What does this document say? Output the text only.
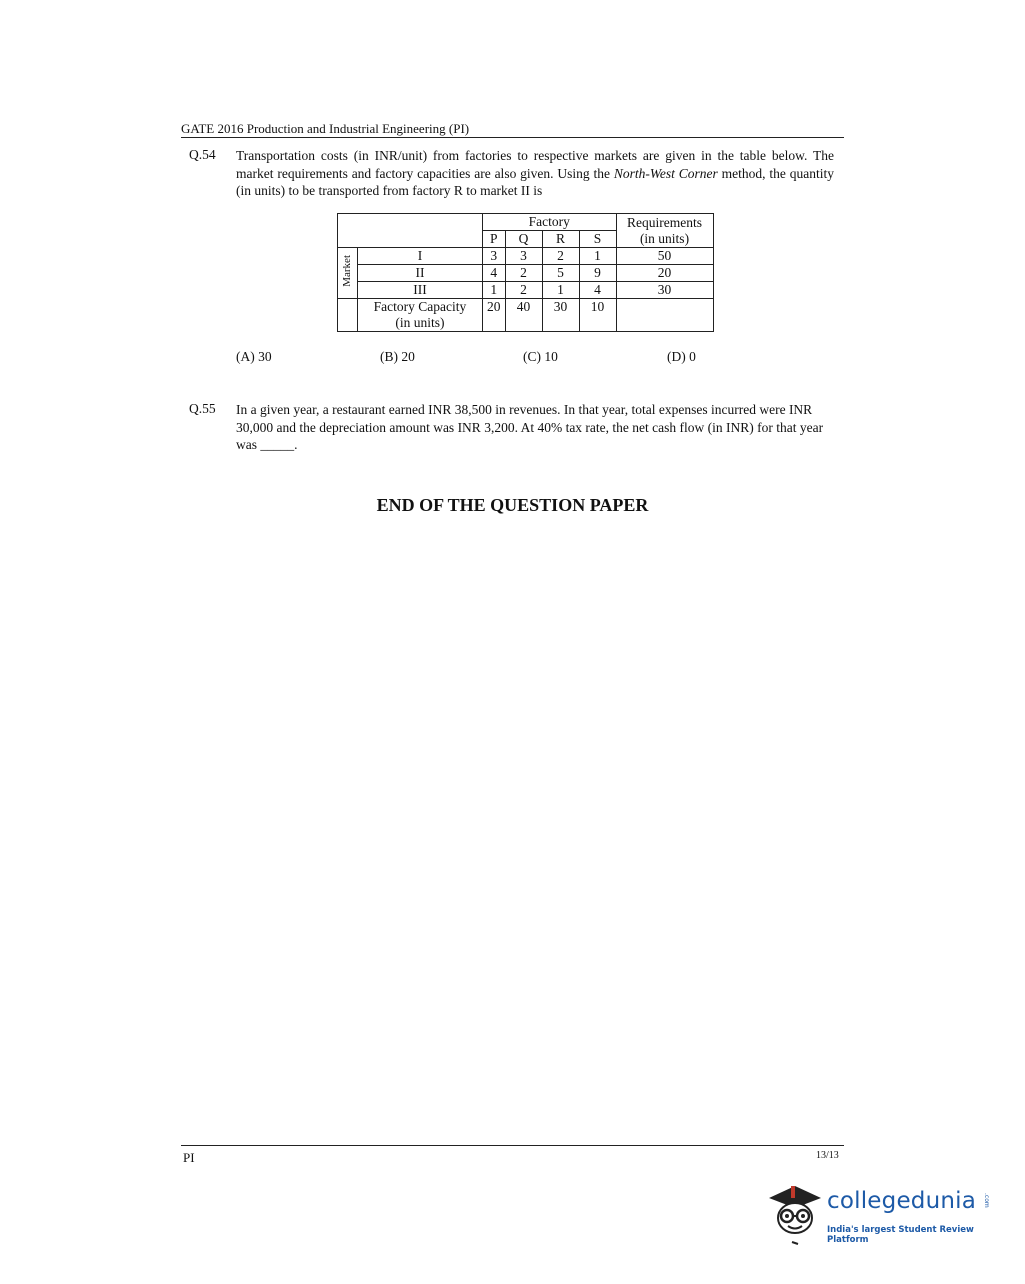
GATE 2016 Production and Industrial Engineering (PI)
Q.54 Transportation costs (in INR/unit) from factories to respective markets are given in the table below. The market requirements and factory capacities are also given. Using the North-West Corner method, the quantity (in units) to be transported from factory R to market II is
		Factory				Requirements
(in units)

		P	Q	R	S	
Market	I	3	3	2	1	50
	II	4	2	5	9	20
	III	1	2	1	4	30

	Factory Capacity
(in units)	20	40	30	10	
(A) 30	(B) 20	(C) 10	(D) 0
Q.55 In a given year, a restaurant earned INR 38,500 in revenues. In that year, total expenses incurred were INR 30,000 and the depreciation amount was INR 3,200. At 40% tax rate, the net cash flow (in INR) for that year was _____.
END OF THE QUESTION PAPER
PI	13/13
collegedunia .com
India's largest Student Review Platform
